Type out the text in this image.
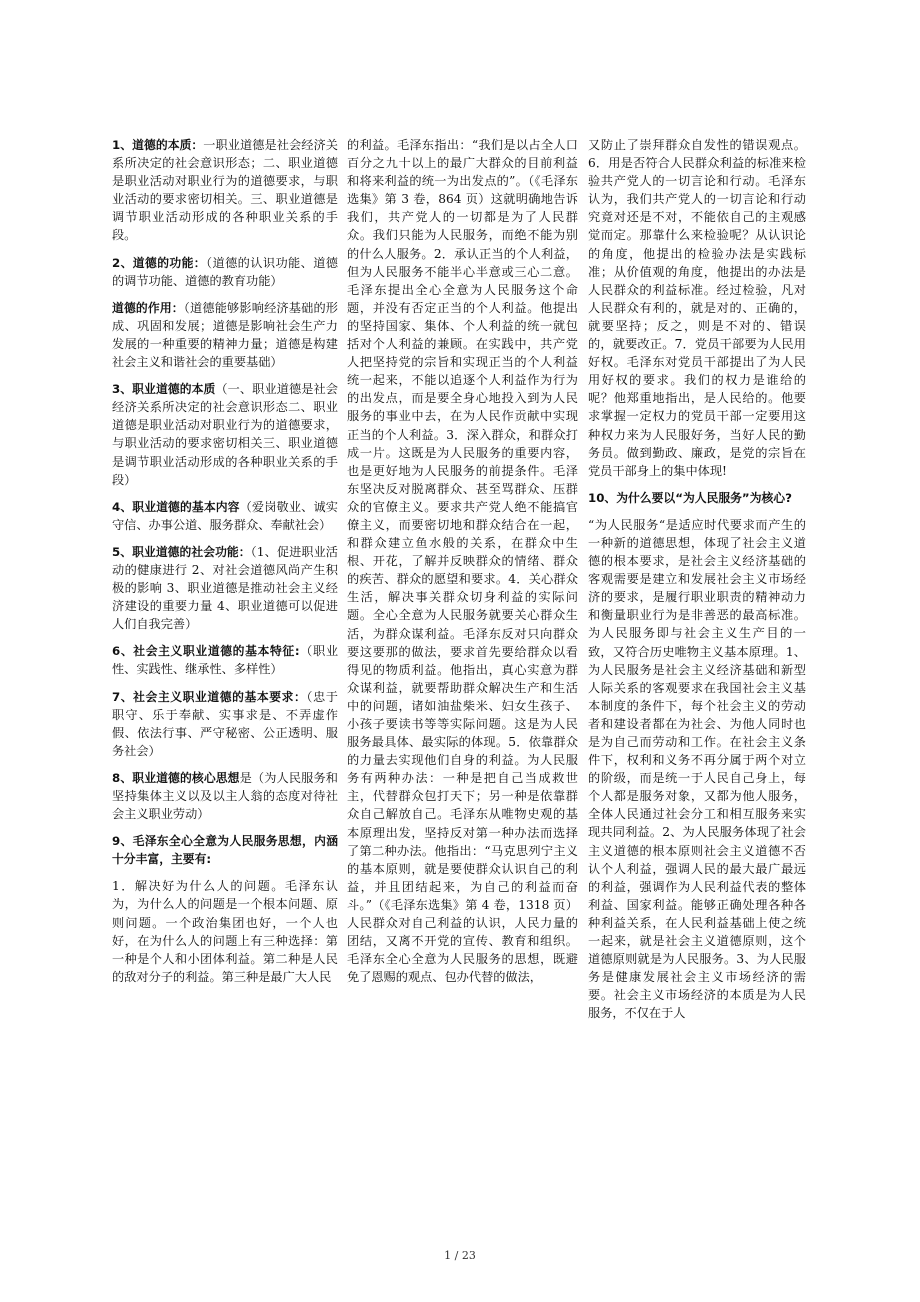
1、道德的本质：一职业道德是社会经济关系所决定的社会意识形态；二、职业道德是职业活动对职业行为的道德要求，与职业活动的要求密切相关。三、职业道德是调节职业活动形成的各种职业关系的手段。

2、道德的功能：（道德的认识功能、道德的调节功能、道德的教育功能）

道德的作用：（道德能够影响经济基础的形成、巩固和发展；道德是影响社会生产力发展的一种重要的精神力量；道德是构建社会主义和谐社会的重要基础）

3、职业道德的本质（一、职业道德是社会经济关系所决定的社会意识形态二、职业道德是职业活动对职业行为的道德要求，与职业活动的要求密切相关三、职业道德是调节职业活动形成的各种职业关系的手段）

4、职业道德的基本内容（爱岗敬业、诚实守信、办事公道、服务群众、奉献社会）

5、职业道德的社会功能：（1、促进职业活动的健康进行 2、对社会道德风尚产生积极的影响 3、职业道德是推动社会主义经济建设的重要力量 4、职业道德可以促进人们自我完善）

6、社会主义职业道德的基本特征:（职业性、实践性、继承性、多样性）

7、社会主义职业道德的基本要求：（忠于职守、乐于奉献、实事求是、不弄虚作假、依法行事、严守秘密、公正透明、服务社会）

8、职业道德的核心思想是（为人民服务和坚持集体主义以及以主人翁的态度对待社会主义职业劳动）

9、毛泽东全心全意为人民服务思想，内涵十分丰富，主要有:

1．解决好为什么人的问题。毛泽东认为，为什么人的问题是一个根本问题、原则问题。一个政治集团也好，一个人也好，在为什么人的问题上有三种选择：第一种是个人和小团体利益。第二种是人民的敌对分子的利益。第三种是最广大人民

的利益。毛泽东指出：“我们是以占全人口百分之九十以上的最广大群众的目前利益和将来利益的统一为出发点的”。（《毛泽东选集》第 3 卷，864 页）这就明确地告诉我们，共产党人的一切都是为了人民群众。我们只能为人民服务，而绝不能为别的什么人服务。2．承认正当的个人利益，但为人民服务不能半心半意或三心二意。毛泽东提出全心全意为人民服务这个命题，并没有否定正当的个人利益。他提出的坚持国家、集体、个人利益的统一就包括对个人利益的兼顾。在实践中，共产党人把坚持党的宗旨和实现正当的个人利益统一起来，不能以追逐个人利益作为行为的出发点，而是要全身心地投入到为人民服务的事业中去，在为人民作贡献中实现正当的个人利益。3．深入群众，和群众打成一片。这既是为人民服务的重要内容，也是更好地为人民服务的前提条件。毛泽东坚决反对脱离群众、甚至骂群众、压群众的官僚主义。要求共产党人绝不能搞官僚主义，而要密切地和群众结合在一起，和群众建立鱼水般的关系，在群众中生根、开花，了解并反映群众的情绪、群众的疾苦、群众的愿望和要求。4．关心群众生活，解决事关群众切身利益的实际问题。全心全意为人民服务就要关心群众生活，为群众谋利益。毛泽东反对只向群众要这要那的做法，要求首先要给群众以看得见的物质利益。他指出，真心实意为群众谋利益，就要帮助群众解决生产和生活中的问题，诸如油盐柴米、妇女生孩子、小孩子要读书等等实际问题。这是为人民服务最具体、最实际的体现。5．依靠群众的力量去实现他们自身的利益。为人民服务有两种办法：一种是把自己当成救世主，代替群众包打天下；另一种是依靠群众自己解放自己。毛泽东从唯物史观的基本原理出发，坚持反对第一种办法而选择了第二种办法。他指出：“马克思列宁主义的基本原则，就是要使群众认识自己的利益，并且团结起来，为自己的利益而奋斗。”（《毛泽东选集》第 4 卷，1318 页）人民群众对自己利益的认识，人民力量的团结，又离不开党的宣传、教育和组织。毛泽东全心全意为人民服务的思想，既避免了恩赐的观点、包办代替的做法，

又防止了崇拜群众自发性的错误观点。6．用是否符合人民群众利益的标准来检验共产党人的一切言论和行动。毛泽东认为，我们共产党人的一切言论和行动究竟对还是不对，不能依自己的主观感觉而定。那靠什么来检验呢？从认识论的角度，他提出的检验办法是实践标准；从价值观的角度，他提出的办法是人民群众的利益标准。经过检验，凡对人民群众有利的，就是对的、正确的，就要坚持；反之，则是不对的、错误的，就要改正。7．党员干部要为人民用好权。毛泽东对党员干部提出了为人民用好权的要求。我们的权力是谁给的呢？他郑重地指出，是人民给的。他要求掌握一定权力的党员干部一定要用这种权力来为人民服好务，当好人民的勤务员。做到勤政、廉政，是党的宗旨在党员干部身上的集中体现!

10、为什么要以“为人民服务”为核心?

“为人民服务“是适应时代要求而产生的一种新的道德思想，体现了社会主义道德的根本要求，是社会主义经济基础的客观需要是建立和发展社会主义市场经济的要求，是履行职业职责的精神动力和衡量职业行为是非善恶的最高标准。为人民服务即与社会主义生产目的一致，又符合历史唯物主义基本原理。1、为人民服务是社会主义经济基础和新型人际关系的客观要求在我国社会主义基本制度的条件下，每个社会主义的劳动者和建设者都在为社会、为他人同时也是为自己而劳动和工作。在社会主义条件下，权利和义务不再分属于两个对立的阶级，而是统一于人民自己身上，每个人都是服务对象，又都为他人服务，全体人民通过社会分工和相互服务来实现共同利益。2、为人民服务体现了社会主义道德的根本原则社会主义道德不否认个人利益，强调人民的最大最广最远的利益，强调作为人民利益代表的整体利益、国家利益。能够正确处理各种各种利益关系，在人民利益基础上使之统一起来，就是社会主义道德原则，这个道德原则就是为人民服务。3、为人民服务是健康发展社会主义市场经济的需要。社会主义市场经济的本质是为人民服务，不仅在于人

1 / 23
